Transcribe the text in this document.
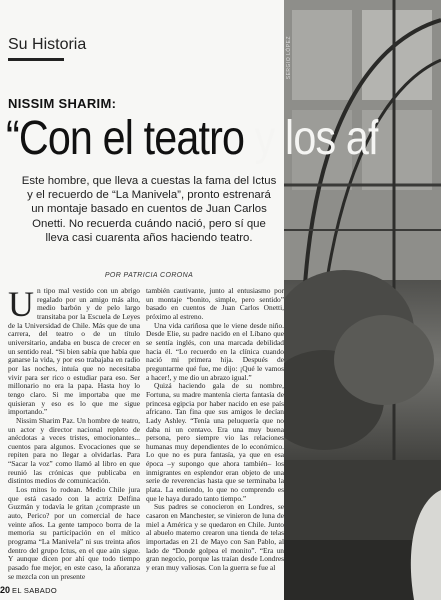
SERGIO LÓPEZ
Su Historia
NISSIM SHARIM:
“Con el teatro y los af
Este hombre, que lleva a cuestas la fama del Ictus y el recuerdo de “La Manivela”, pronto estrenará un montaje basado en cuentos de Juan Carlos Onetti. No recuerda cuándo nació, pero sí que lleva casi cuarenta años haciendo teatro.
POR PATRICIA CORONA
U n tipo mal vestido con un abrigo regalado por un amigo más alto, medio barbón y de pelo largo transitaba por la Escuela de Leyes de la Universidad de Chile. Más que de una carrera, del teatro o de un título universitario, andaba en busca de crecer en un sentido real. “Si bien sabía que había que ganarse la vida, y por eso trabajaba en radio por las noches, intuía que no necesitaba vivir para ser rico o estudiar para eso. Ser millonario no era la papa. Hasta hoy lo tengo claro. Si me importaba que me quisieran y eso es lo que me sigue importando.”

Nissim Sharim Paz. Un hombre de teatro, un actor y director nacional repleto de anécdotas a veces tristes, emocionantes... cuentos para algunos. Evocaciones que se repiten para no llegar a olvidarlas. Para “Sacar la voz” como llamó al libro en que reunió las crónicas que publicaba en distintos medios de comunicación.

Los mitos lo rodean. Medio Chile jura que está casado con la actriz Delfina Guzmán y todavía le gritan ¿compraste un auto, Perico? por un comercial de hace veinte años. La gente tampoco borra de la memoria su participación en el mítico programa “La Manivela” ni sus treinta años dentro del grupo Ictus, en el que aún sigue. Y aunque dicen por ahí que todo tiempo pasado fue mejor, en este caso, la añoranza se mezcla con un presente

también cautivante, junto al entusiasmo por un montaje “bonito, simple, pero sentido” basado en cuentos de Juan Carlos Onetti, próximo al estreno.

Una vida cariñosa que le viene desde niño. Desde Elie, su padre nacido en el Líbano que se sentía inglés, con una marcada debilidad hacia él. “Lo recuerdo en la clínica cuando nació mi primera hija. Después de preguntarme qué fue, me dijo: ¡Qué le vamos a hacer!, y me dio un abrazo igual.”

Quizá haciendo gala de su nombre, Fortuna, su madre mantenía cierta fantasía de princesa egipcia por haber nacido en ese país africano. Tan fina que sus amigos le decían Lady Ashley. “Tenía una peluquería que no daba ni un centavo. Era una muy buena persona, pero siempre vio las relaciones humanas muy dependientes de lo económico. Lo que no es pura fantasía, ya que en esa época –y supongo que ahora también– los inmigrantes en esplendor eran objeto de una serie de reverencias hasta que se terminaba la plata. La entiendo, lo que no comprendo es que le haya durado tanto tiempo.”

Sus padres se conocieron en Londres, se casaron en Manchester, se vinieron de luna de miel a América y se quedaron en Chile. Junto al abuelo materno crearon una tienda de telas importadas en 21 de Mayo con San Pablo, al lado de “Donde golpea el monito”. “Era un gran negocio, porque las traían desde Londres y eran muy valiosas. Con la guerra se fue al

20 EL SABADO
